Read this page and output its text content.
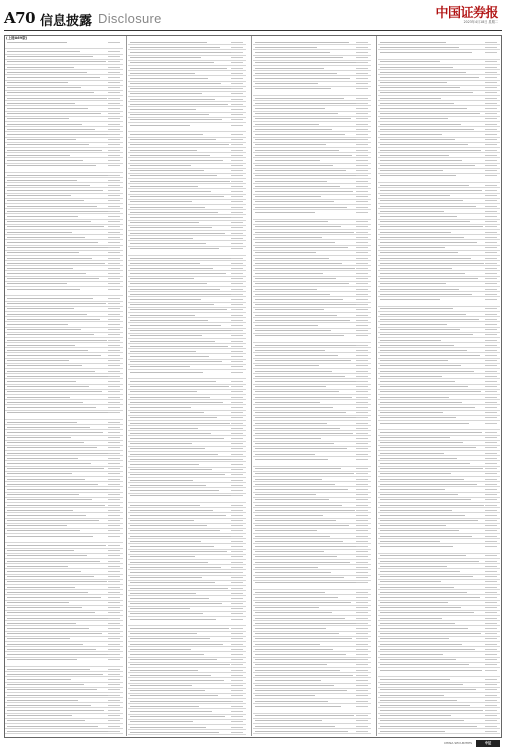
A70 信息披露 Disclosure	中国证券报
2023年4月18日 星期二
(上接A69版)
CHINA SECURITIES	中证
